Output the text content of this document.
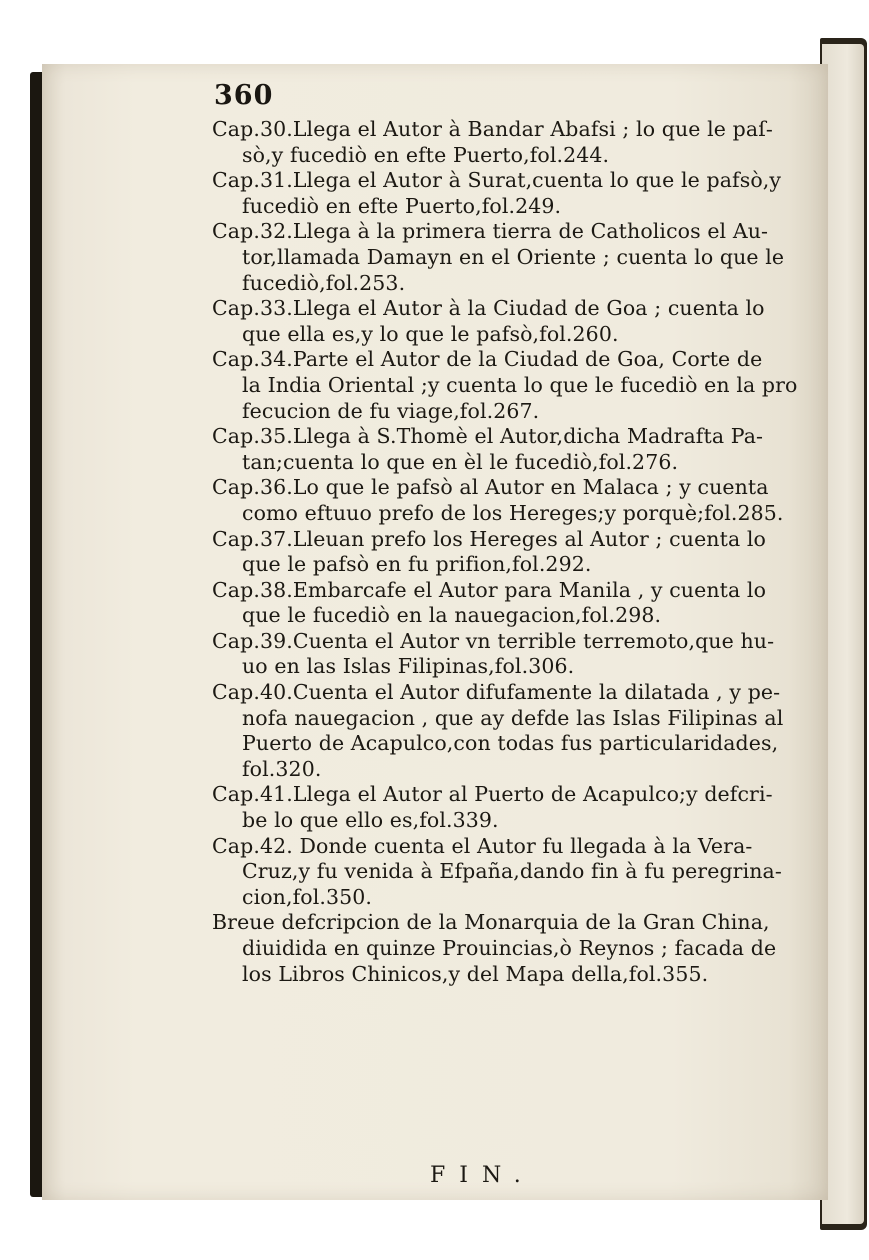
360
Cap.30.Llega el Autor à Bandar Abafsi ; lo que le paſ-
sò,y fucediò en efte Puerto,fol.244.
Cap.31.Llega el Autor à Surat,cuenta lo que le pafsò,y
fucediò en efte Puerto,fol.249.
Cap.32.Llega à la primera tierra de Catholicos el Au-
tor,llamada Damayn en el Oriente ; cuenta lo que le
fucediò,fol.253.
Cap.33.Llega el Autor à la Ciudad de Goa ; cuenta lo
que ella es,y lo que le pafsò,fol.260.
Cap.34.Parte el Autor de la Ciudad de Goa, Corte de
la India Oriental ;y cuenta lo que le fucediò en la pro
fecucion de fu viage,fol.267.
Cap.35.Llega à S.Thomè el Autor,dicha Madrafta Pa-
tan;cuenta lo que en èl le fucediò,fol.276.
Cap.36.Lo que le pafsò al Autor en Malaca ; y cuenta
como eftuuo prefo de los Hereges;y porquè;fol.285.
Cap.37.Lleuan prefo los Hereges al Autor ; cuenta lo
que le pafsò en fu prifion,fol.292.
Cap.38.Embarcafe el Autor para Manila , y cuenta lo
que le fucediò en la nauegacion,fol.298.
Cap.39.Cuenta el Autor vn terrible terremoto,que hu-
uo en las Islas Filipinas,fol.306.
Cap.40.Cuenta el Autor difufamente la dilatada , y pe-
nofa nauegacion , que ay defde las Islas Filipinas al
Puerto de Acapulco,con todas fus particularidades,
fol.320.
Cap.41.Llega el Autor al Puerto de Acapulco;y defcri-
be lo que ello es,fol.339.
Cap.42. Donde cuenta el Autor fu llegada à la Vera-
Cruz,y fu venida à Efpaña,dando fin à fu peregrina-
cion,fol.350.
Breue defcripcion de la Monarquia de la Gran China,
diuidida en quinze Prouincias,ò Reynos ; facada de
los Libros Chinicos,y del Mapa della,fol.355.
FIN.
